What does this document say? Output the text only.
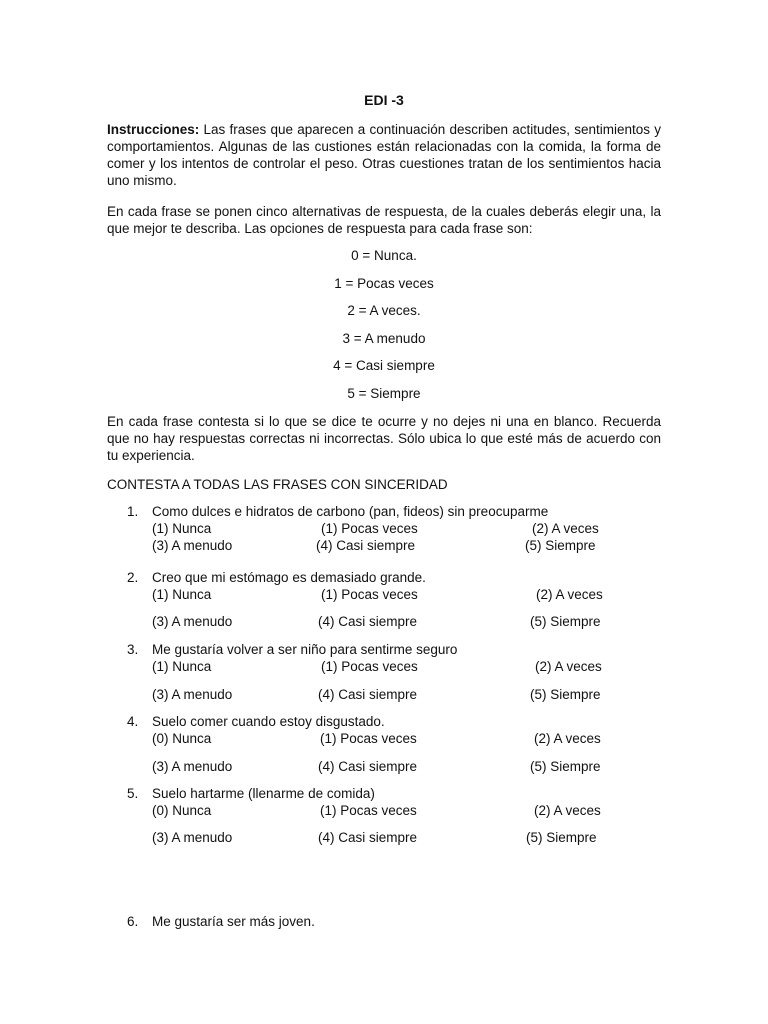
EDI -3

Instrucciones: Las frases que aparecen a continuación describen actitudes, sentimientos y comportamientos. Algunas de las custiones están relacionadas con la comida, la forma de comer y los intentos de controlar el peso. Otras cuestiones tratan de los sentimientos hacia uno mismo.

En cada frase se ponen cinco alternativas de respuesta, de la cuales deberás elegir una, la que mejor te describa. Las opciones de respuesta para cada frase son:

0 = Nunca.
1 = Pocas veces
2 = A veces.
3 = A menudo
4 = Casi siempre
5 = Siempre

En cada frase contesta si lo que se dice te ocurre y no dejes ni una en blanco. Recuerda que no hay respuestas correctas ni incorrectas. Sólo ubica lo que esté más de acuerdo con tu experiencia.

CONTESTA A TODAS LAS FRASES CON SINCERIDAD
1. Como dulces e hidratos de carbono (pan, fideos) sin preocuparme
(1) Nunca	(1) Pocas veces	(2) A veces
(3) A menudo	(4) Casi siempre	(5) Siempre
2. Creo que mi estómago es demasiado grande.
(1) Nunca	(1) Pocas veces	(2) A veces
(3) A menudo	(4) Casi siempre	(5) Siempre
3. Me gustaría volver a ser niño para sentirme seguro
(1) Nunca	(1) Pocas veces	(2) A veces
(3) A menudo	(4) Casi siempre	(5) Siempre
4. Suelo comer cuando estoy disgustado.
(0) Nunca	(1) Pocas veces	(2) A veces
(3) A menudo	(4) Casi siempre	(5) Siempre
5. Suelo hartarme (llenarme de comida)
(0) Nunca	(1) Pocas veces	(2) A veces
(3) A menudo	(4) Casi siempre	(5) Siempre
6. Me gustaría ser más joven.
